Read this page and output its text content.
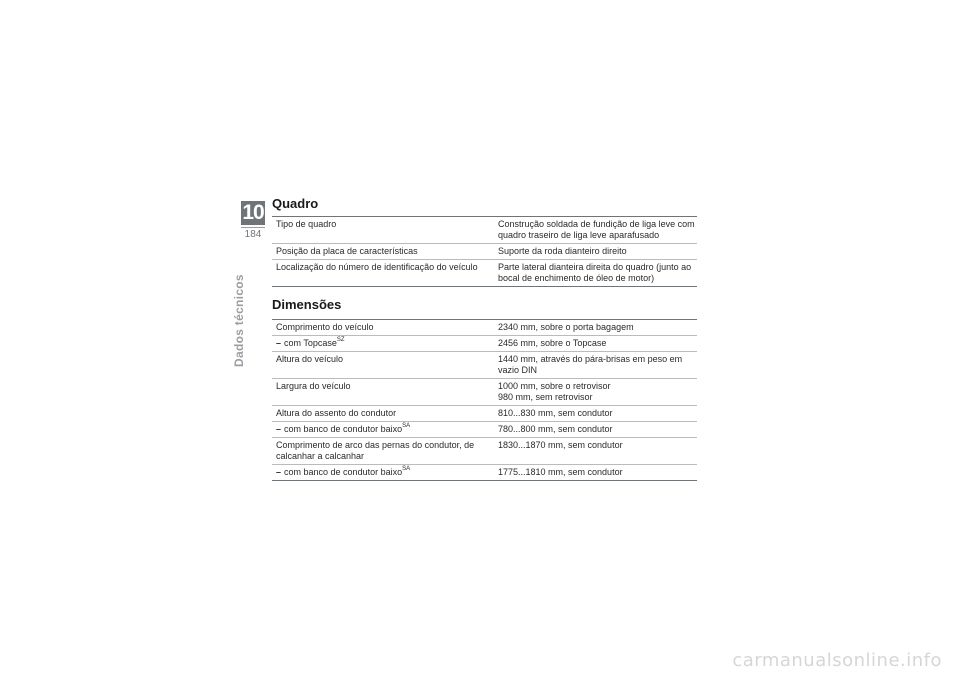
10
184
Dados técnicos
Quadro
Tipo de quadro	Construção soldada de fundição de liga leve com quadro traseiro de liga leve aparafusado
Posição da placa de características	Suporte da roda dianteiro direito
Localização do número de identificação do veículo	Parte lateral dianteira direita do quadro (junto ao bocal de enchimento de óleo de motor)
Dimensões
Comprimento do veículo	2340 mm, sobre o porta bagagem
– com Topcase$^{SZ}$	2456 mm, sobre o Topcase
Altura do veículo	1440 mm, através do pára-brisas em peso em vazio DIN
Largura do veículo	1000 mm, sobre o retrovisor
980 mm, sem retrovisor

Altura do assento do condutor	810...830 mm, sem condutor
– com banco de condutor baixo$^{SA}$	780...800 mm, sem condutor
Comprimento de arco das pernas do condutor, de calcanhar a calcanhar	1830...1870 mm, sem condutor
– com banco de condutor baixo$^{SA}$	1775...1810 mm, sem condutor
carmanualsonline.info
